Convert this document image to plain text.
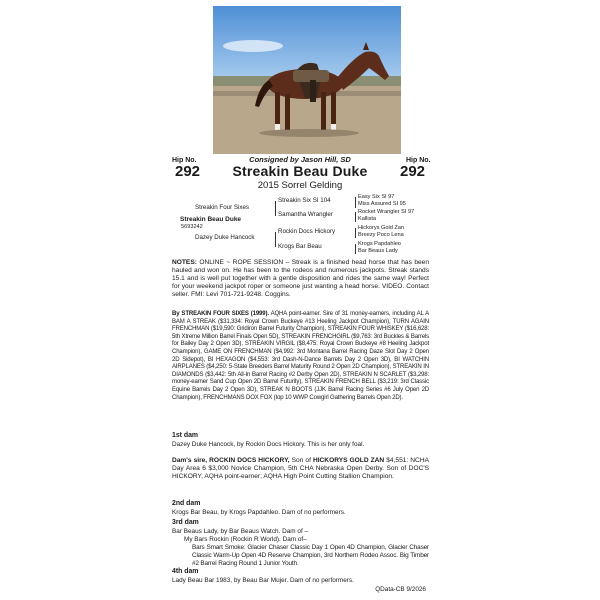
Consigned by Jason Hill, SD
Hip No.
292
Hip No.
292
Streakin Beau Duke
2015 Sorrel Gelding
Streakin Four Sixes
Streakin Beau Duke
5693242
Dazey Duke Hancock
Streakin Six SI 104
Samantha Wrangler
Rockin Docs Hickory
Krogs Bar Beau
Easy Six SI 97
Miss Assured SI 95
Rocket Wrangler SI 97
Kallista
Hickorys Gold Zan
Breezy Poco Lena
Krogs Papdahleo
Bar Beaus Lady
NOTES: ONLINE ~ ROPE SESSION – Streak is a finished head horse that has been hauled and won on. He has been to the rodeos and numerous jackpots. Streak stands 15.1 and is well put together with a gentle disposition and rides the same way! Perfect for your weekend jackpot roper or someone just wanting a head horse. VIDEO. Contact seller. FMI: Levi 701-721-9248. Coggins.
By STREAKIN FOUR SIXES (1999). AQHA point-earner. Sire of 31 money-earners, including AL A BAM A STREAK ($31,334: Royal Crown Buckeye #13 Heeling Jackpot Champion), TURN AGAIN FRENCHMAN ($19,590: Gridiron Barrel Futurity Champion), STREAKIN FOUR WHISKEY ($16,628: 5th Xtreme Million Barrel Finals Open 5D), STREAKIN FRENCHGIRL ($9,763: 3rd Buckles & Barrels for Bailey Day 2 Open 3D), STREAKIN VIRGIL ($8,475: Royal Crown Buckeye #8 Heeling Jackpot Champion), GAME ON FRENCHMAN ($4,992: 3rd Montana Barrel Racing Daze Slot Day 2 Open 2D Sidepot), BI HEXAGON ($4,553: 3rd Dash-N-Dance Barrels Day 2 Open 3D), BI WATCHIN AIRPLANES ($4,250: 5-State Breeders Barrel Maturity Round 2 Open 2D Champion), STREAKIN IN DIAMONDS ($3,442: 5th All-In Barrel Racing #2 Derby Open 2D), STREAKIN N SCARLET ($3,298: money-earner Sand Cup Open 2D Barrel Futurity), STREAKIN FRENCH BELL ($3,219: 3rd Classic Equine Barrels Day 2 Open 3D), STREAK N BOOTS (JJK Barrel Racing Series #6 July Open 2D Champion), FRENCHMANS DOX FOX (top 10 WWP Cowgirl Gathering Barrels Open 2D).
1st dam
Dazey Duke Hancock, by Rockin Docs Hickory. This is her only foal.
Dam's sire, ROCKIN DOCS HICKORY, Son of HICKORYS GOLD ZAN $4,551: NCHA Day Area 6 $3,000 Novice Champion, 5th CHA Nebraska Open Derby. Son of DOC'S HICKORY, AQHA point-earner; AQHA High Point Cutting Stallion Champion.
2nd dam
Krogs Bar Beau, by Krogs Papdahleo. Dam of no performers.
3rd dam
Bar Beaus Lady, by Bar Beaus Watch. Dam of –
My Bars Rockin (Rockin R World). Dam of–
Bars Smart Smoke: Glacier Chaser Classic Day 1 Open 4D Champion, Glacier Chaser Classic Warm-Up Open 4D Reserve Champion, 3rd Northern Rodeo Assoc. Big Timber #2 Barrel Racing Round 1 Junior Youth.
4th dam
Lady Beau Bar 1983, by Beau Bar Mujer. Dam of no performers.
QData-CB 9/2026
